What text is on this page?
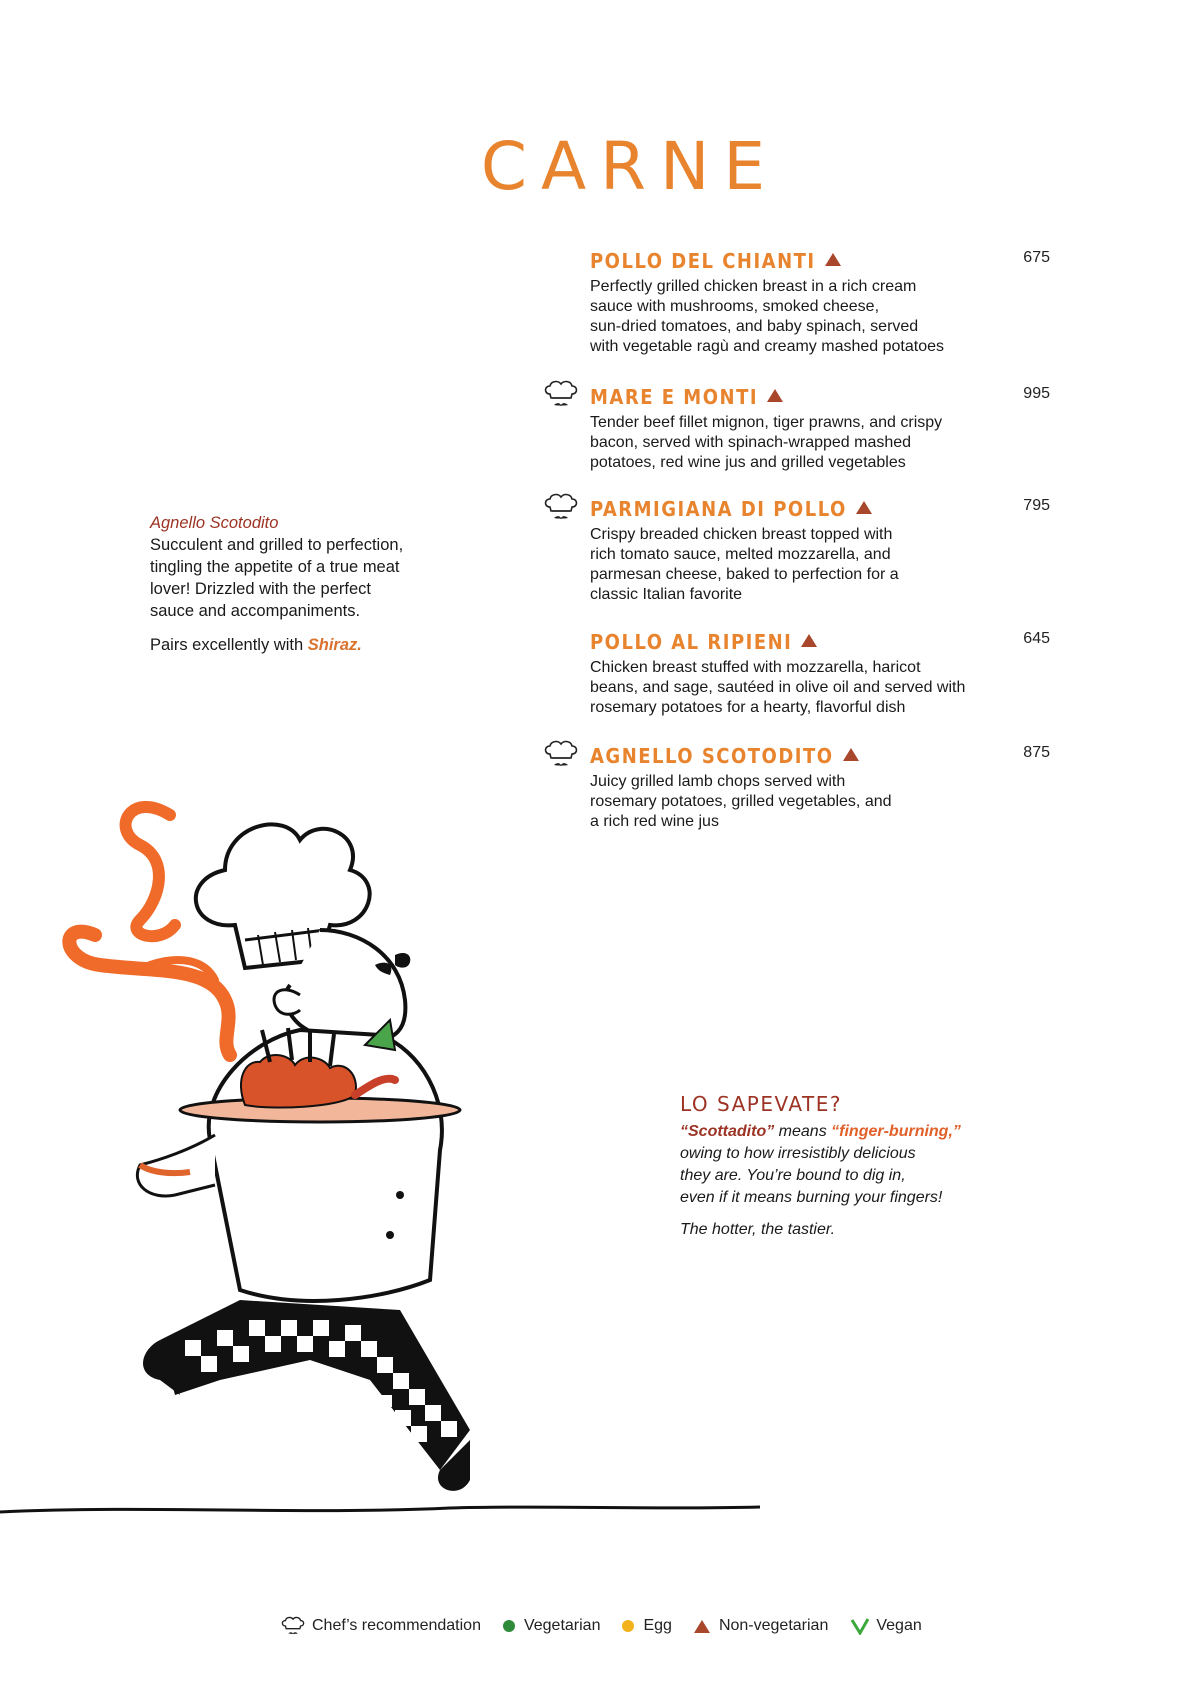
CARNE
POLLO DEL CHIANTI	675
Perfectly grilled chicken breast in a rich cream
sauce with mushrooms, smoked cheese,
sun-dried tomatoes, and baby spinach, served
with vegetable ragù and creamy mashed potatoes
MARE E MONTI	995
Tender beef fillet mignon, tiger prawns, and crispy
bacon, served with spinach-wrapped mashed
potatoes, red wine jus and grilled vegetables
PARMIGIANA DI POLLO	795
Crispy breaded chicken breast topped with
rich tomato sauce, melted mozzarella, and
parmesan cheese, baked to perfection for a
classic Italian favorite
POLLO AL RIPIENI	645
Chicken breast stuffed with mozzarella, haricot
beans, and sage, sautéed in olive oil and served with
rosemary potatoes for a hearty, flavorful dish
AGNELLO SCOTODITO	875
Juicy grilled lamb chops served with
rosemary potatoes, grilled vegetables, and
a rich red wine jus
Agnello Scotodito
Succulent and grilled to perfection,
tingling the appetite of a true meat
lover! Drizzled with the perfect
sauce and accompaniments.
Pairs excellently with Shiraz.
LO SAPEVATE?
“Scottadito” means “finger-burning,”
owing to how irresistibly delicious
they are. You’re bound to dig in,
even if it means burning your fingers!
The hotter, the tastier.
Chef’s recommendation	Vegetarian	Egg	Non-vegetarian	Vegan
